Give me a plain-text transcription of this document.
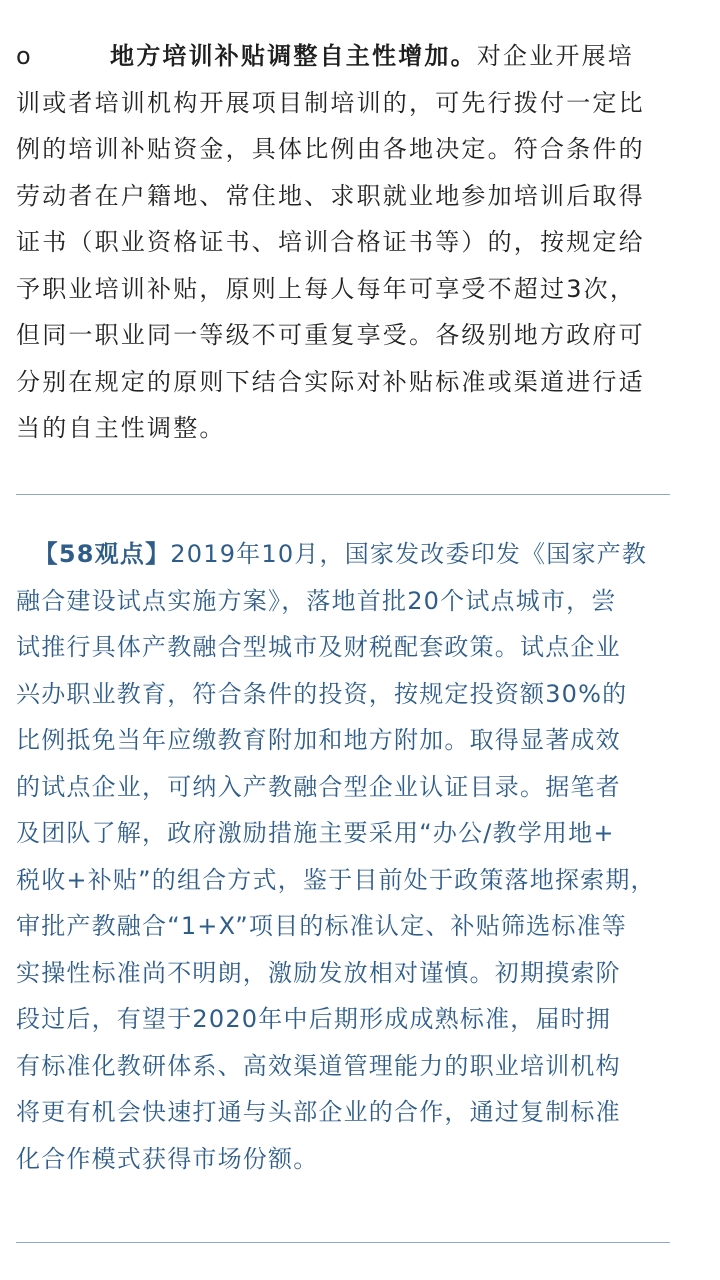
o	地方培训补贴调整自主性增加。对企业开展培
训或者培训机构开展项目制培训的，可先行拨付一定比
例的培训补贴资金，具体比例由各地决定。符合条件的
劳动者在户籍地、常住地、求职就业地参加培训后取得
证书（职业资格证书、培训合格证书等）的，按规定给
予职业培训补贴，原则上每人每年可享受不超过3次，
但同一职业同一等级不可重复享受。各级别地方政府可
分别在规定的原则下结合实际对补贴标准或渠道进行适
当的自主性调整。
【58观点】2019年10月，国家发改委印发《国家产教
融合建设试点实施方案》，落地首批20个试点城市，尝
试推行具体产教融合型城市及财税配套政策。试点企业
兴办职业教育，符合条件的投资，按规定投资额30%的
比例抵免当年应缴教育附加和地方附加。取得显著成效
的试点企业，可纳入产教融合型企业认证目录。据笔者
及团队了解，政府激励措施主要采用“办公/教学用地+
税收+补贴”的组合方式，鉴于目前处于政策落地探索期，
审批产教融合“1+X”项目的标准认定、补贴筛选标准等
实操性标准尚不明朗，激励发放相对谨慎。初期摸索阶
段过后，有望于2020年中后期形成成熟标准，届时拥
有标准化教研体系、高效渠道管理能力的职业培训机构
将更有机会快速打通与头部企业的合作，通过复制标准
化合作模式获得市场份额。
